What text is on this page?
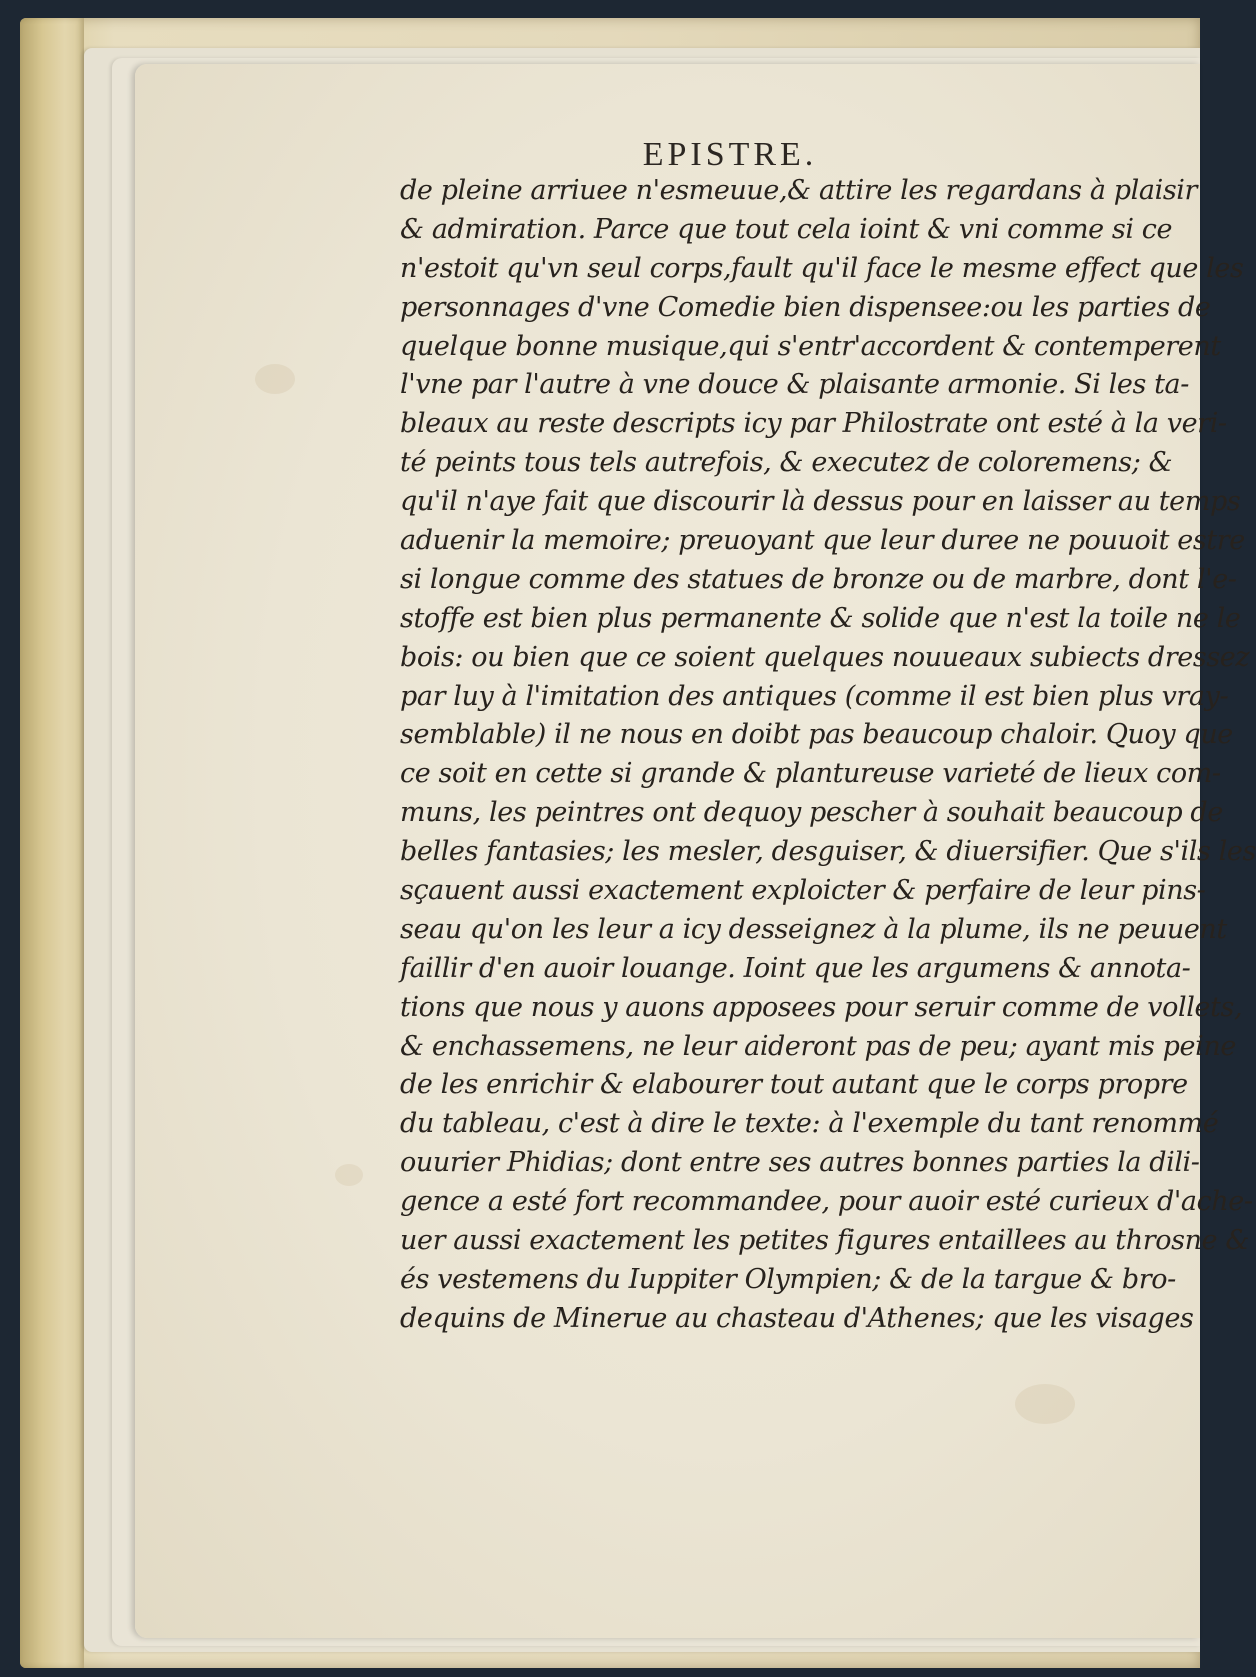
EPISTRE.
de pleine arriuee n'esmeuue,& attire les regardans à plaisir
& admiration. Parce que tout cela ioint & vni comme si ce
n'estoit qu'vn seul corps,fault qu'il face le mesme effect que les
personnages d'vne Comedie bien dispensee:ou les parties de
quelque bonne musique,qui s'entr'accordent & contemperent
l'vne par l'autre à vne douce & plaisante armonie. Si les ta-
bleaux au reste descripts icy par Philostrate ont esté à la veri-
té peints tous tels autrefois, & executez de coloremens; &
qu'il n'aye fait que discourir là dessus pour en laisser au temps
aduenir la memoire; preuoyant que leur duree ne pouuoit estre
si longue comme des statues de bronze ou de marbre, dont l'e-
stoffe est bien plus permanente & solide que n'est la toile ne le
bois: ou bien que ce soient quelques nouueaux subiects dressez
par luy à l'imitation des antiques (comme il est bien plus vray-
semblable) il ne nous en doibt pas beaucoup chaloir. Quoy que
ce soit en cette si grande & plantureuse varieté de lieux com-
muns, les peintres ont dequoy pescher à souhait beaucoup de
belles fantasies; les mesler, desguiser, & diuersifier. Que s'ils les
sçauent aussi exactement exploicter & perfaire de leur pins-
seau qu'on les leur a icy desseignez à la plume, ils ne peuuent
faillir d'en auoir louange. Ioint que les argumens & annota-
tions que nous y auons apposees pour seruir comme de vollets,
& enchassemens, ne leur aideront pas de peu; ayant mis peine
de les enrichir & elabourer tout autant que le corps propre
du tableau, c'est à dire le texte: à l'exemple du tant renommé
ouurier Phidias; dont entre ses autres bonnes parties la dili-
gence a esté fort recommandee, pour auoir esté curieux d'ache-
uer aussi exactement les petites figures entaillees au throsne &
és vestemens du Iuppiter Olympien; & de la targue & bro-
dequins de Minerue au chasteau d'Athenes; que les visages
